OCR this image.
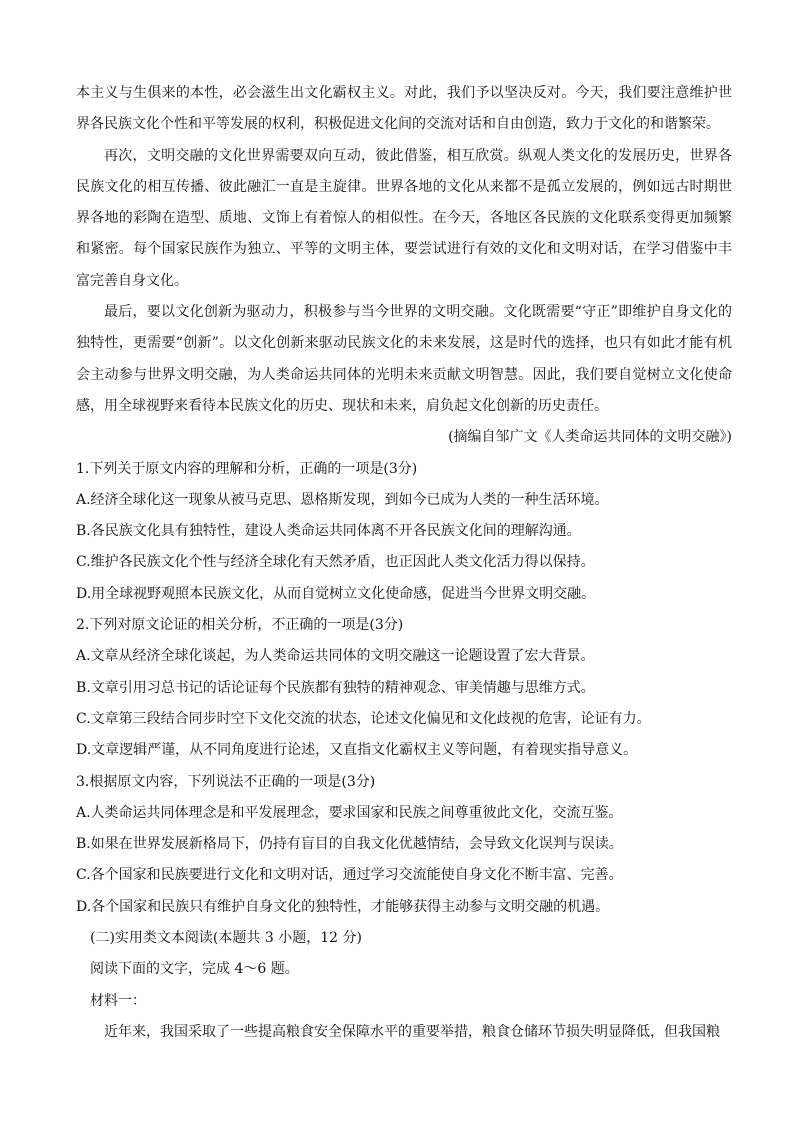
本主义与生俱来的本性，必会滋生出文化霸权主义。对此，我们予以坚决反对。今天，我们要注意维护世界各民族文化个性和平等发展的权利，积极促进文化间的交流对话和自由创造，致力于文化的和谐繁荣。

再次，文明交融的文化世界需要双向互动，彼此借鉴，相互欣赏。纵观人类文化的发展历史，世界各民族文化的相互传播、彼此融汇一直是主旋律。世界各地的文化从来都不是孤立发展的，例如远古时期世界各地的彩陶在造型、质地、文饰上有着惊人的相似性。在今天，各地区各民族的文化联系变得更加频繁和紧密。每个国家民族作为独立、平等的文明主体，要尝试进行有效的文化和文明对话，在学习借鉴中丰富完善自身文化。

最后，要以文化创新为驱动力，积极参与当今世界的文明交融。文化既需要“守正”即维护自身文化的独特性，更需要“创新”。以文化创新来驱动民族文化的未来发展，这是时代的选择，也只有如此才能有机会主动参与世界文明交融，为人类命运共同体的光明未来贡献文明智慧。因此，我们要自觉树立文化使命感，用全球视野来看待本民族文化的历史、现状和未来，肩负起文化创新的历史责任。

(摘编自邹广文《人类命运共同体的文明交融》)

1.下列关于原文内容的理解和分析，正确的一项是(3分)

A.经济全球化这一现象从被马克思、恩格斯发现，到如今已成为人类的一种生活环境。

B.各民族文化具有独特性，建设人类命运共同体离不开各民族文化间的理解沟通。

C.维护各民族文化个性与经济全球化有天然矛盾，也正因此人类文化活力得以保持。

D.用全球视野观照本民族文化，从而自觉树立文化使命感，促进当今世界文明交融。

2.下列对原文论证的相关分析，不正确的一项是(3分)

A.文章从经济全球化谈起，为人类命运共同体的文明交融这一论题设置了宏大背景。

B.文章引用习总书记的话论证每个民族都有独特的精神观念、审美情趣与思维方式。

C.文章第三段结合同步时空下文化交流的状态，论述文化偏见和文化歧视的危害，论证有力。

D.文章逻辑严谨，从不同角度进行论述，又直指文化霸权主义等问题，有着现实指导意义。

3.根据原文内容，下列说法不正确的一项是(3分)

A.人类命运共同体理念是和平发展理念，要求国家和民族之间尊重彼此文化，交流互鉴。

B.如果在世界发展新格局下，仍持有盲目的自我文化优越情结，会导致文化误判与误读。

C.各个国家和民族要进行文化和文明对话，通过学习交流能使自身文化不断丰富、完善。

D.各个国家和民族只有维护自身文化的独特性，才能够获得主动参与文明交融的机遇。

(二)实用类文本阅读(本题共 3 小题，12 分)

阅读下面的文字，完成 4～6 题。

材料一：

近年来，我国采取了一些提高粮食安全保障水平的重要举措，粮食仓储环节损失明显降低，但我国粮
